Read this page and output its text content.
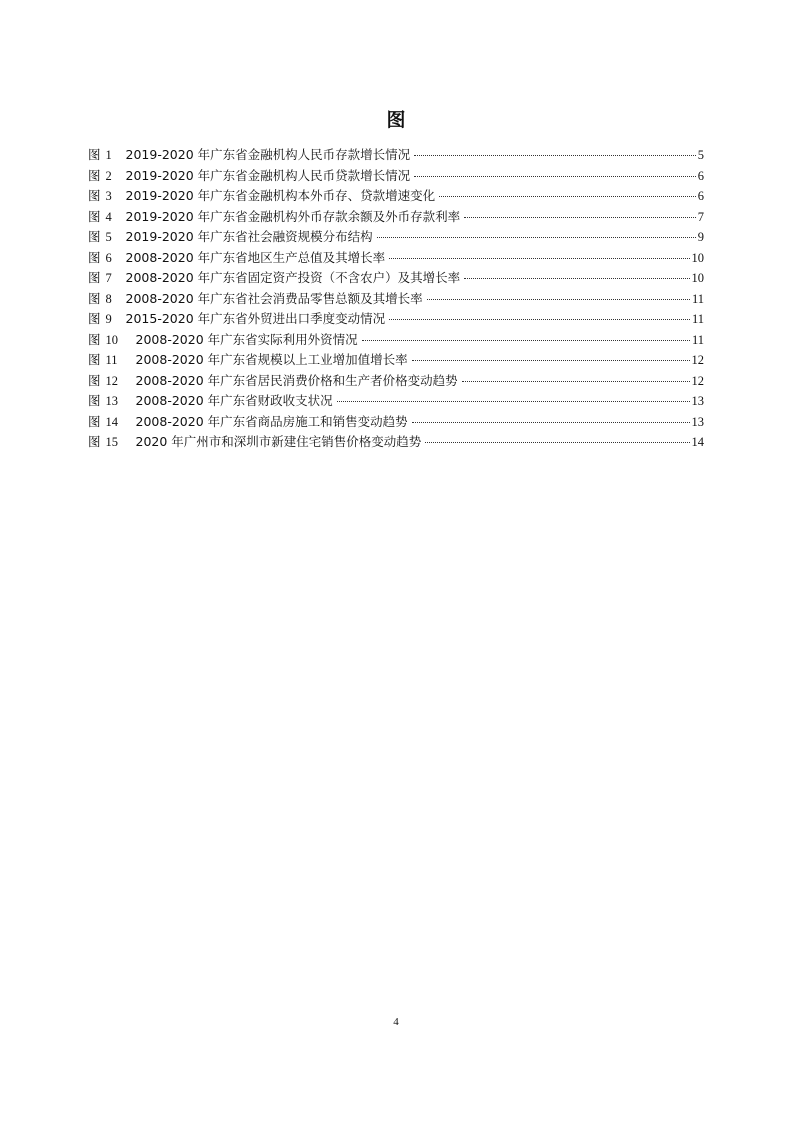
图
图 1	2019-2020 年广东省金融机构人民币存款增长情况	5
图 2	2019-2020 年广东省金融机构人民币贷款增长情况	6
图 3	2019-2020 年广东省金融机构本外币存、贷款增速变化	6
图 4	2019-2020 年广东省金融机构外币存款余额及外币存款利率	7
图 5	2019-2020 年广东省社会融资规模分布结构	9
图 6	2008-2020 年广东省地区生产总值及其增长率	10
图 7	2008-2020 年广东省固定资产投资（不含农户）及其增长率	10
图 8	2008-2020 年广东省社会消费品零售总额及其增长率	11
图 9	2015-2020 年广东省外贸进出口季度变动情况	11
图 10	2008-2020 年广东省实际利用外资情况	11
图 11	2008-2020 年广东省规模以上工业增加值增长率	12
图 12	2008-2020 年广东省居民消费价格和生产者价格变动趋势	12
图 13	2008-2020 年广东省财政收支状况	13
图 14	2008-2020 年广东省商品房施工和销售变动趋势	13
图 15	2020 年广州市和深圳市新建住宅销售价格变动趋势	14
4
